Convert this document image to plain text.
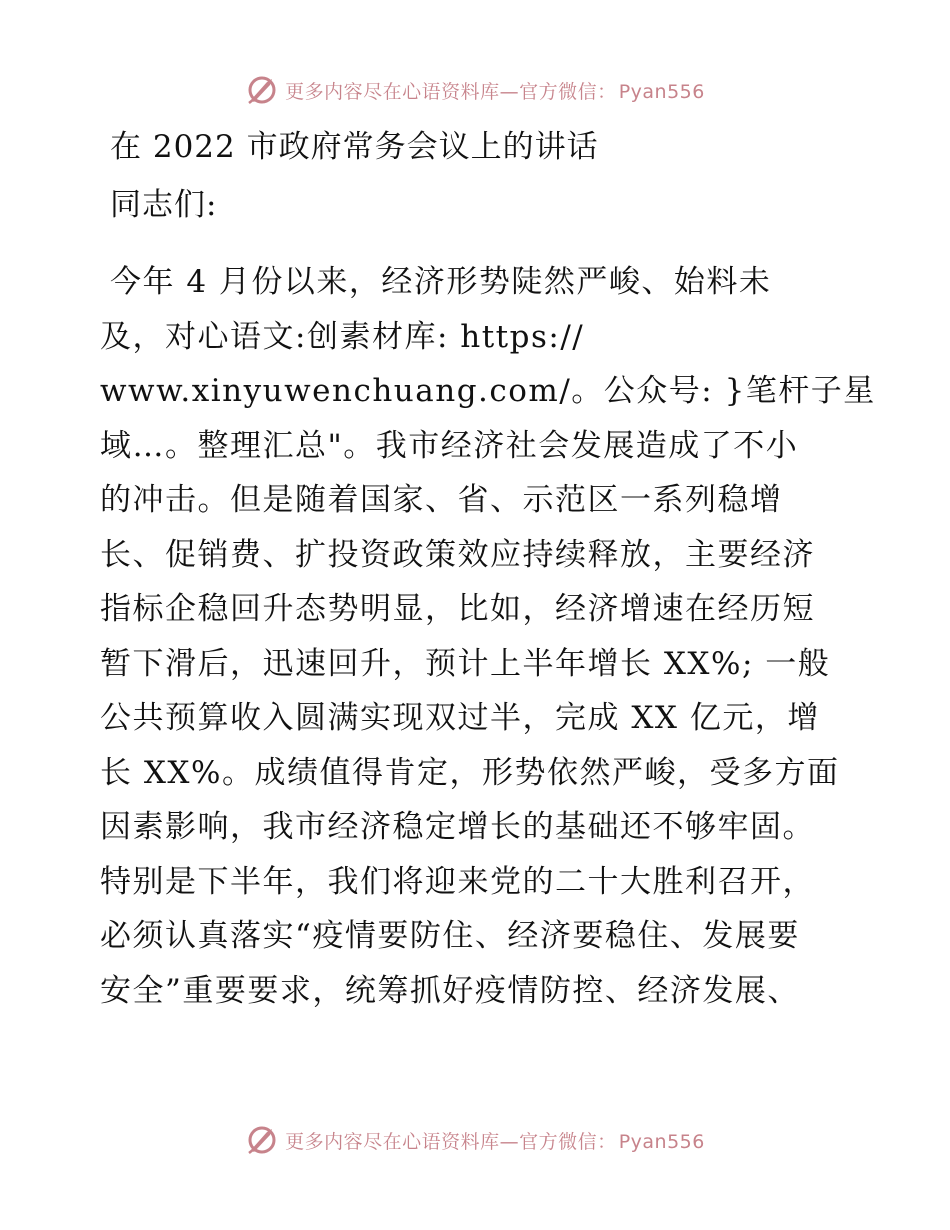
更多内容尽在心语资料库—官方微信： Pyan556
在 2022 市政府常务会议上的讲话
同志们:
今年 4 月份以来，经济形势陡然严峻、始料未
及，对心语文:创素材库: https://
www.xinyuwenchuang.com/。公众号: }笔杆子星
域…。整理汇总"。我市经济社会发展造成了不小
的冲击。但是随着国家、省、示范区一系列稳增
长、促销费、扩投资政策效应持续释放，主要经济
指标企稳回升态势明显，比如，经济增速在经历短
暂下滑后，迅速回升，预计上半年增长 XX%; 一般
公共预算收入圆满实现双过半，完成 XX 亿元，增
长 XX%。成绩值得肯定，形势依然严峻，受多方面
因素影响，我市经济稳定增长的基础还不够牢固。
特别是下半年，我们将迎来党的二十大胜利召开，
必须认真落实“疫情要防住、经济要稳住、发展要
安全”重要要求，统筹抓好疫情防控、经济发展、
更多内容尽在心语资料库—官方微信： Pyan556
